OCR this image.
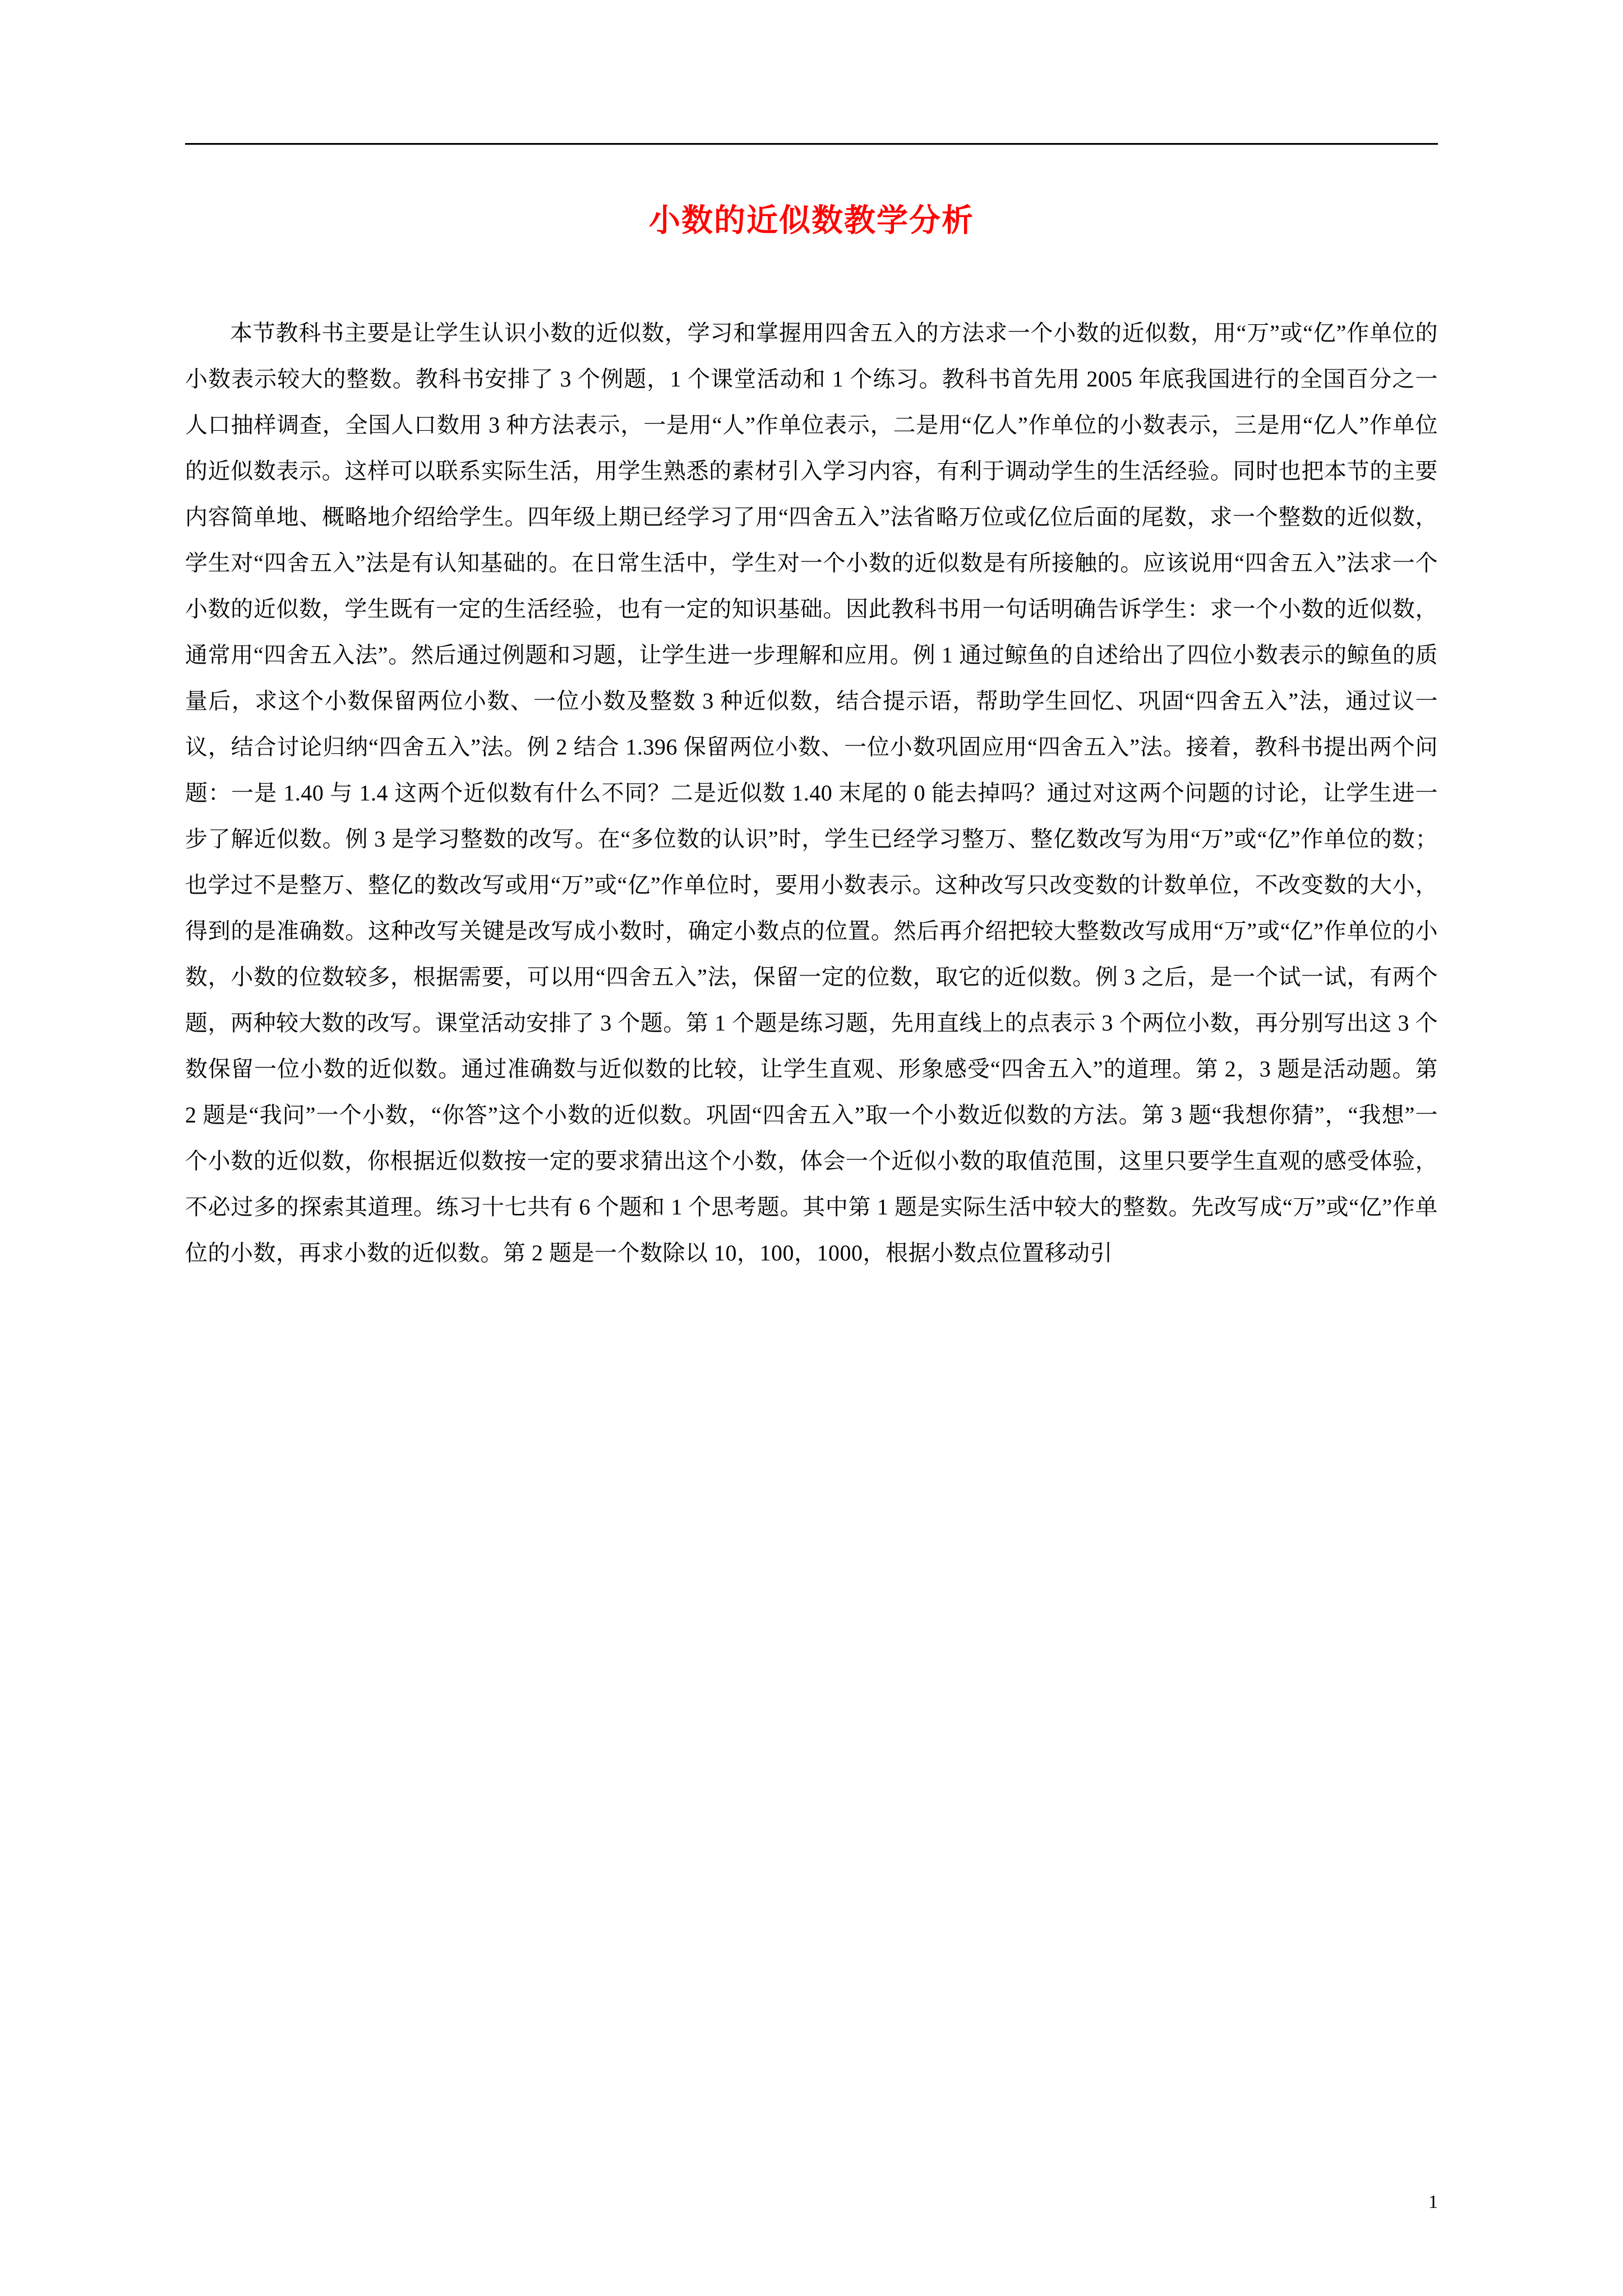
小数的近似数教学分析

本节教科书主要是让学生认识小数的近似数，学习和掌握用四舍五入的方法求一个小数的近似数，用“万”或“亿”作单位的小数表示较大的整数。教科书安排了 3 个例题，1 个课堂活动和 1 个练习。教科书首先用 2005 年底我国进行的全国百分之一人口抽样调查，全国人口数用 3 种方法表示，一是用“人”作单位表示，二是用“亿人”作单位的小数表示，三是用“亿人”作单位的近似数表示。这样可以联系实际生活，用学生熟悉的素材引入学习内容，有利于调动学生的生活经验。同时也把本节的主要内容简单地、概略地介绍给学生。四年级上期已经学习了用“四舍五入”法省略万位或亿位后面的尾数，求一个整数的近似数，学生对“四舍五入”法是有认知基础的。在日常生活中，学生对一个小数的近似数是有所接触的。应该说用“四舍五入”法求一个小数的近似数，学生既有一定的生活经验，也有一定的知识基础。因此教科书用一句话明确告诉学生：求一个小数的近似数，通常用“四舍五入法”。然后通过例题和习题，让学生进一步理解和应用。例 1 通过鲸鱼的自述给出了四位小数表示的鲸鱼的质量后，求这个小数保留两位小数、一位小数及整数 3 种近似数，结合提示语，帮助学生回忆、巩固“四舍五入”法，通过议一议，结合讨论归纳“四舍五入”法。例 2 结合 1.396 保留两位小数、一位小数巩固应用“四舍五入”法。接着，教科书提出两个问题：一是 1.40 与 1.4 这两个近似数有什么不同？二是近似数 1.40 末尾的 0 能去掉吗？通过对这两个问题的讨论，让学生进一步了解近似数。例 3 是学习整数的改写。在“多位数的认识”时，学生已经学习整万、整亿数改写为用“万”或“亿”作单位的数；也学过不是整万、整亿的数改写或用“万”或“亿”作单位时，要用小数表示。这种改写只改变数的计数单位，不改变数的大小，得到的是准确数。这种改写关键是改写成小数时，确定小数点的位置。然后再介绍把较大整数改写成用“万”或“亿”作单位的小数，小数的位数较多，根据需要，可以用“四舍五入”法，保留一定的位数，取它的近似数。例 3 之后，是一个试一试，有两个题，两种较大数的改写。课堂活动安排了 3 个题。第 1 个题是练习题，先用直线上的点表示 3 个两位小数，再分别写出这 3 个数保留一位小数的近似数。通过准确数与近似数的比较，让学生直观、形象感受“四舍五入”的道理。第 2，3 题是活动题。第 2 题是“我问”一个小数，“你答”这个小数的近似数。巩固“四舍五入”取一个小数近似数的方法。第 3 题“我想你猜”，“我想”一个小数的近似数，你根据近似数按一定的要求猜出这个小数，体会一个近似小数的取值范围，这里只要学生直观的感受体验，不必过多的探索其道理。练习十七共有 6 个题和 1 个思考题。其中第 1 题是实际生活中较大的整数。先改写成“万”或“亿”作单位的小数，再求小数的近似数。第 2 题是一个数除以 10，100，1000，根据小数点位置移动引

1
